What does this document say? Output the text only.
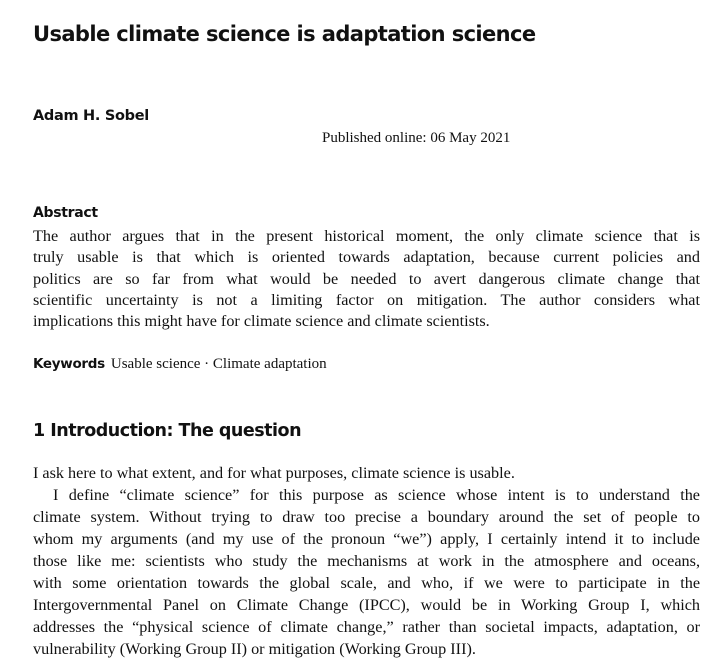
Usable climate science is adaptation science
Adam H. Sobel
Published online: 06 May 2021
Abstract
The author argues that in the present historical moment, the only climate science that is
truly usable is that which is oriented towards adaptation, because current policies and
politics are so far from what would be needed to avert dangerous climate change that
scientific uncertainty is not a limiting factor on mitigation. The author considers what
implications this might have for climate science and climate scientists.
Keywords Usable science · Climate adaptation
1 Introduction: The question
I ask here to what extent, and for what purposes, climate science is usable.
I define “climate science” for this purpose as science whose intent is to understand the
climate system. Without trying to draw too precise a boundary around the set of people to
whom my arguments (and my use of the pronoun “we”) apply, I certainly intend it to include
those like me: scientists who study the mechanisms at work in the atmosphere and oceans,
with some orientation towards the global scale, and who, if we were to participate in the
Intergovernmental Panel on Climate Change (IPCC), would be in Working Group I, which
addresses the “physical science of climate change,” rather than societal impacts, adaptation, or
vulnerability (Working Group II) or mitigation (Working Group III).
